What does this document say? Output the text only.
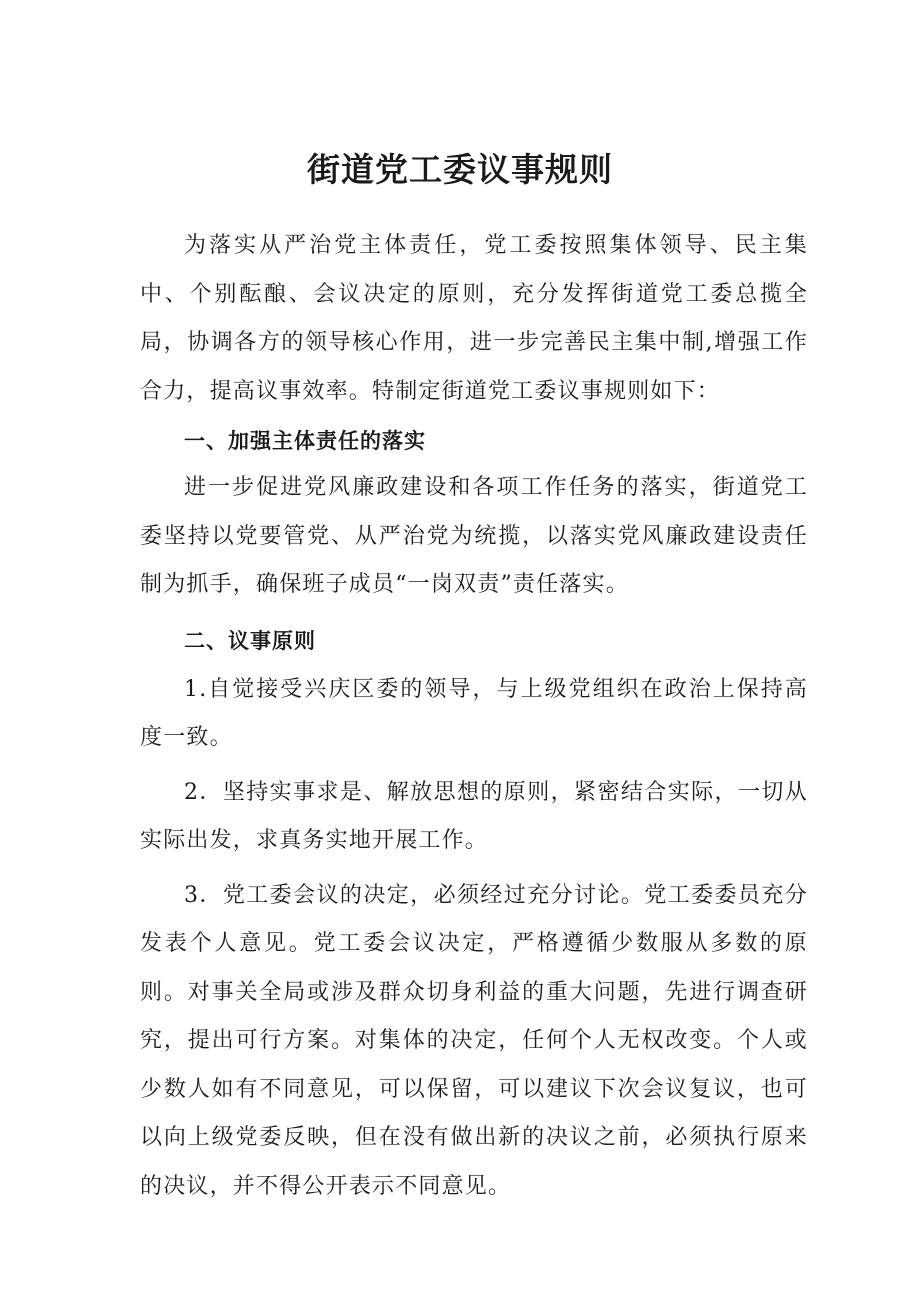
街道党工委议事规则

为落实从严治党主体责任，党工委按照集体领导、民主集中、个别酝酿、会议决定的原则，充分发挥街道党工委总揽全局，协调各方的领导核心作用，进一步完善民主集中制,增强工作合力，提高议事效率。特制定街道党工委议事规则如下：

一、加强主体责任的落实

进一步促进党风廉政建设和各项工作任务的落实，街道党工委坚持以党要管党、从严治党为统揽，以落实党风廉政建设责任制为抓手，确保班子成员“一岗双责”责任落实。

二、议事原则

1.自觉接受兴庆区委的领导，与上级党组织在政治上保持高度一致。

2．坚持实事求是、解放思想的原则，紧密结合实际，一切从实际出发，求真务实地开展工作。

3．党工委会议的决定，必须经过充分讨论。党工委委员充分发表个人意见。党工委会议决定，严格遵循少数服从多数的原则。对事关全局或涉及群众切身利益的重大问题，先进行调查研究，提出可行方案。对集体的决定，任何个人无权改变。个人或少数人如有不同意见，可以保留，可以建议下次会议复议，也可以向上级党委反映，但在没有做出新的决议之前，必须执行原来的决议，并不得公开表示不同意见。
